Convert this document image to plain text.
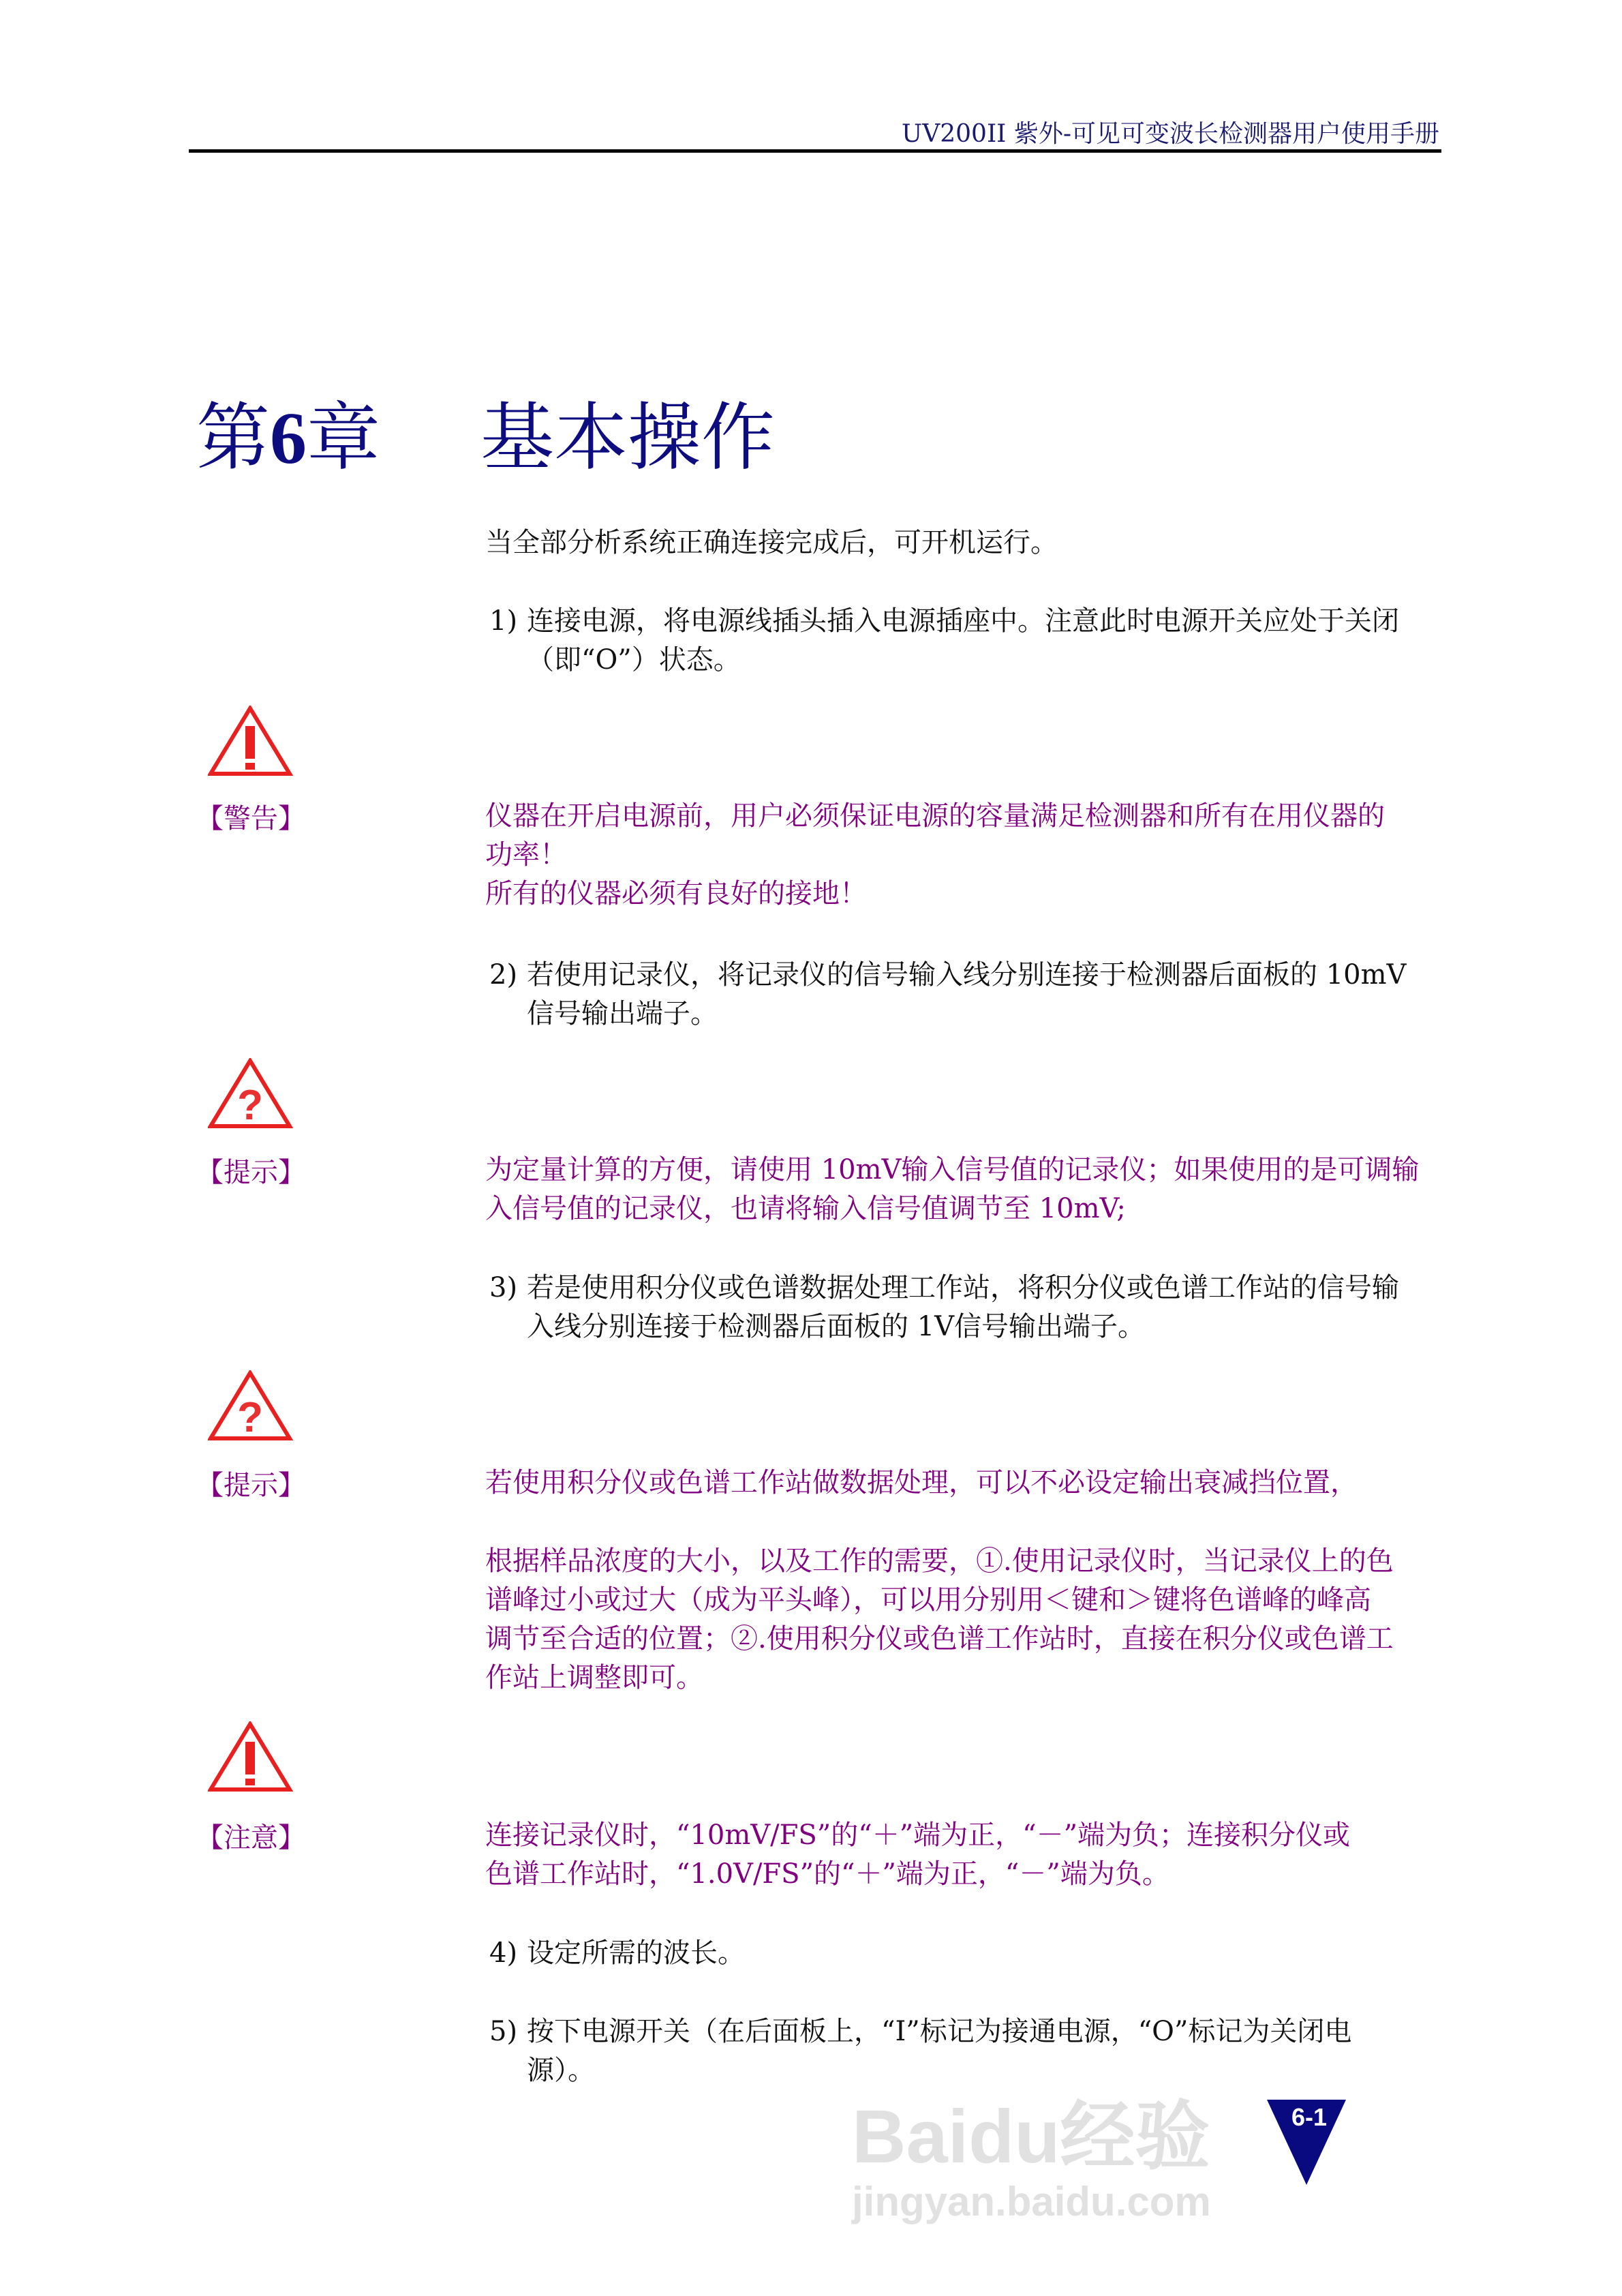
UV200II 紫外-可见可变波长检测器用户使用手册
第6章 基本操作
当全部分析系统正确连接完成后，可开机运行。
1) 连接电源，将电源线插头插入电源插座中。注意此时电源开关应处于关闭
（即“O”）状态。
【警告】	仪器在开启电源前，用户必须保证电源的容量满足检测器和所有在用仪器的
功率！
所有的仪器必须有良好的接地！
2) 若使用记录仪，将记录仪的信号输入线分别连接于检测器后面板的 10mV
信号输出端子。
?
【提示】	为定量计算的方便，请使用 10mV输入信号值的记录仪；如果使用的是可调输
入信号值的记录仪，也请将输入信号值调节至 10mV;
3) 若是使用积分仪或色谱数据处理工作站，将积分仪或色谱工作站的信号输
入线分别连接于检测器后面板的 1V信号输出端子。
?
【提示】	若使用积分仪或色谱工作站做数据处理，可以不必设定输出衰减挡位置，
根据样品浓度的大小，以及工作的需要，①.使用记录仪时，当记录仪上的色
谱峰过小或过大（成为平头峰），可以用分别用＜键和＞键将色谱峰的峰高
调节至合适的位置；②.使用积分仪或色谱工作站时，直接在积分仪或色谱工
作站上调整即可。
【注意】	连接记录仪时，“10mV/FS”的“＋”端为正，“－”端为负；连接积分仪或
色谱工作站时，“1.0V/FS”的“＋”端为正，“－”端为负。
4) 设定所需的波长。
5) 按下电源开关（在后面板上，“I”标记为接通电源，“O”标记为关闭电
源）。
Baidu经验
jingyan.baidu.com
6-1
